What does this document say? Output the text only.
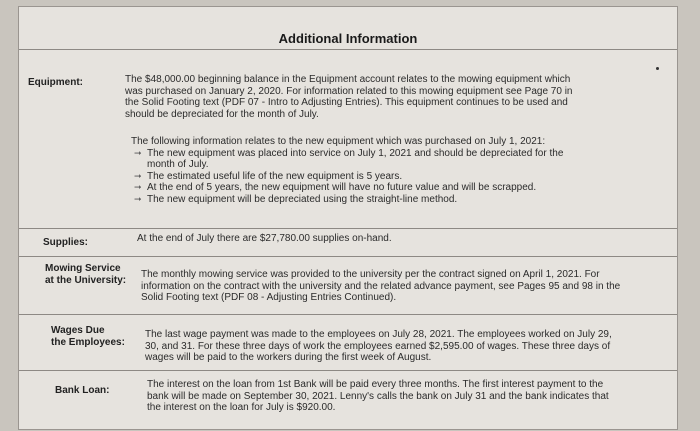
Additional Information
Equipment:	The $48,000.00 beginning balance in the Equipment account relates to the mowing equipment which was purchased on January 2, 2020. For information related to this mowing equipment see Page 70 in the Solid Footing text (PDF 07 - Intro to Adjusting Entries). This equipment continues to be used and should be depreciated for the month of July.

The following information relates to the new equipment which was purchased on July 1, 2021:

➞ The new equipment was placed into service on July 1, 2021 and should be depreciated for the month of July.
➞ The estimated useful life of the new equipment is 5 years.
➞ At the end of 5 years, the new equipment will have no future value and will be scrapped.
➞ The new equipment will be depreciated using the straight-line method.
Supplies:	At the end of July there are $27,780.00 supplies on-hand.
Mowing Service
at the University:
The monthly mowing service was provided to the university per the contract signed on April 1, 2021. For information on the contract with the university and the related advance payment, see Pages 95 and 98 in the Solid Footing text (PDF 08 - Adjusting Entries Continued).
Wages Due
the Employees:
The last wage payment was made to the employees on July 28, 2021. The employees worked on July 29, 30, and 31. For these three days of work the employees earned $2,595.00 of wages. These three days of wages will be paid to the workers during the first week of August.
Bank Loan:
The interest on the loan from 1st Bank will be paid every three months. The first interest payment to the bank will be made on September 30, 2021. Lenny's calls the bank on July 31 and the bank indicates that the interest on the loan for July is $920.00.
